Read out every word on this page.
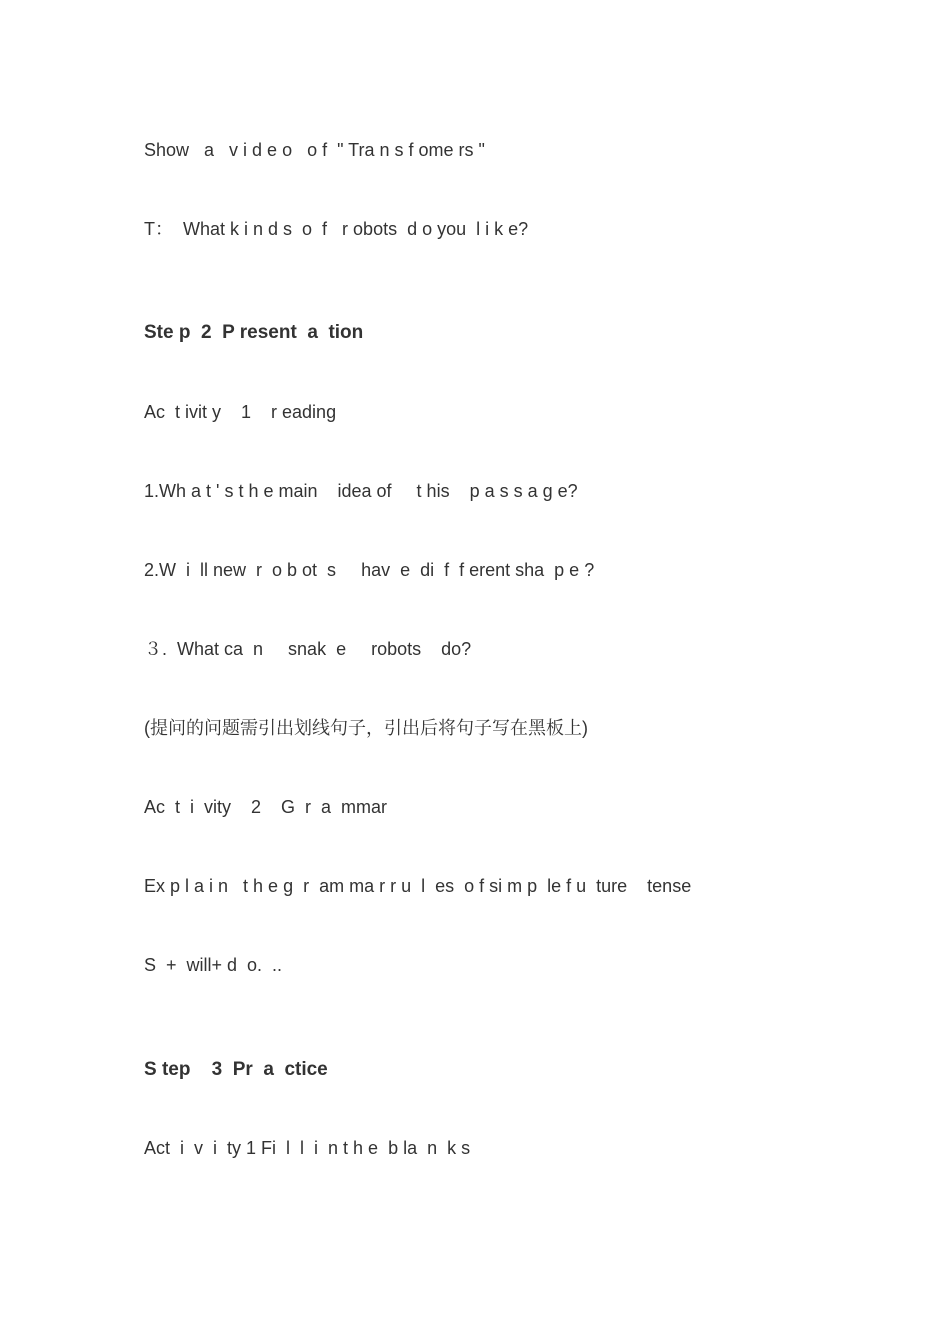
Show   a   v i d e o   o f  " Tra n s f ome rs "
T：  What k i n d s  o  f   r obots  d o you  l i k e?
Ste p  2  P resent  a  tion
Ac  t ivit y    1    r eading
1.Wh a t ' s t h e main    idea of     t his    p a s s a g e?
2.W  i  ll new  r  o b ot  s     hav  e  di  f  f erent sha  p e ?
３.  What ca  n     snak  e     robots    do?
(提问的问题需引出划线句子，引出后将句子写在黑板上)
Ac  t  i  vity    2    G  r  a  mmar
Ex p l a i n   t h e g  r  am ma r r u  l  es  o f si m p  le f u  ture    tense
S  +  will+ d  o.  ..
S tep    3  Pr  a  ctice
Act  i  v  i  ty 1 Fi  l  l  i  n t h e  b la  n  k s
